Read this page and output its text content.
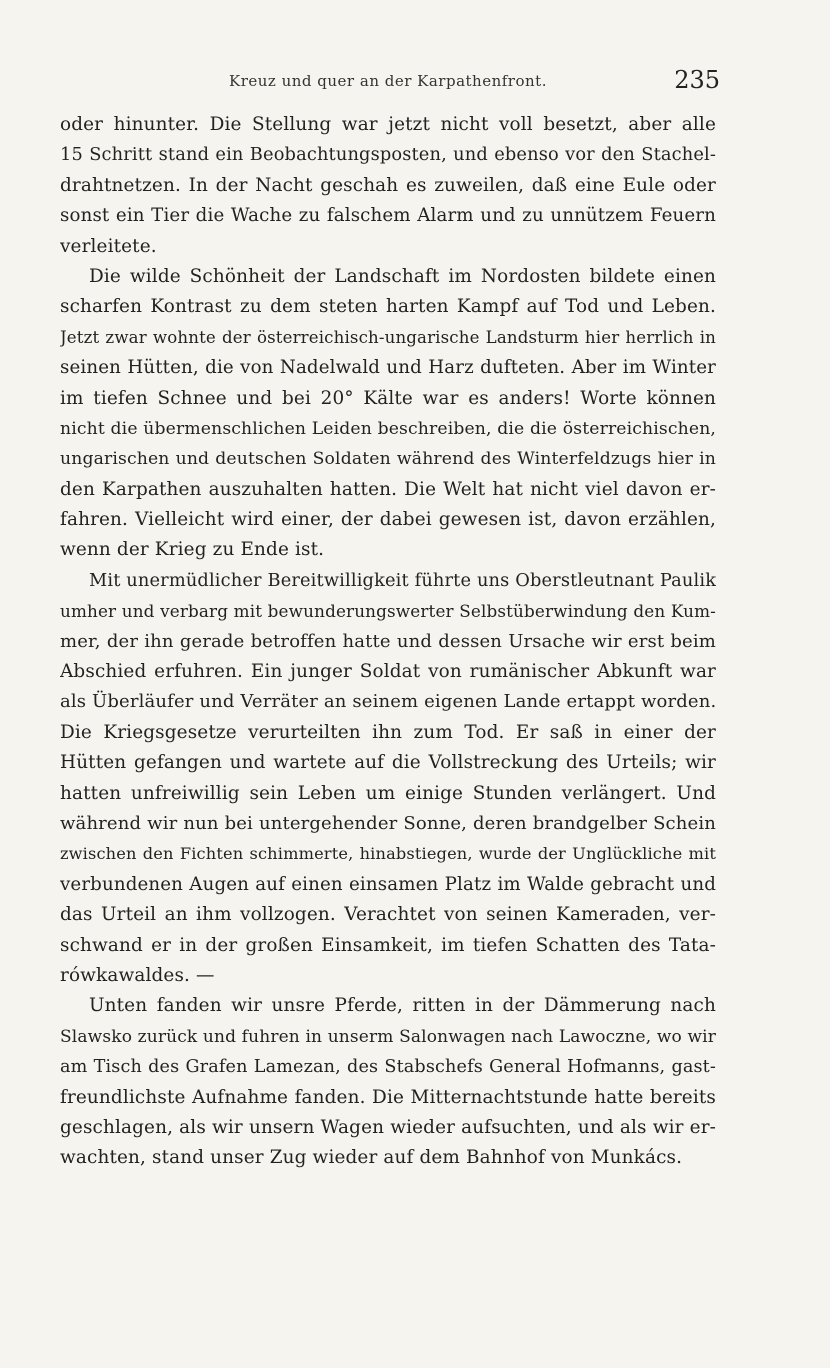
Kreuz und quer an der Karpathenfront.	235
oder hinunter. Die Stellung war jetzt nicht voll besetzt, aber alle
15 Schritt stand ein Beobachtungsposten, und ebenso vor den Stachel-
drahtnetzen. In der Nacht geschah es zuweilen, daß eine Eule oder
sonst ein Tier die Wache zu falschem Alarm und zu unnützem Feuern
verleitete.
Die wilde Schönheit der Landschaft im Nordosten bildete einen
scharfen Kontrast zu dem steten harten Kampf auf Tod und Leben.
Jetzt zwar wohnte der österreichisch-ungarische Landsturm hier herrlich in
seinen Hütten, die von Nadelwald und Harz dufteten. Aber im Winter
im tiefen Schnee und bei 20° Kälte war es anders! Worte können
nicht die übermenschlichen Leiden beschreiben, die die österreichischen,
ungarischen und deutschen Soldaten während des Winterfeldzugs hier in
den Karpathen auszuhalten hatten. Die Welt hat nicht viel davon er-
fahren. Vielleicht wird einer, der dabei gewesen ist, davon erzählen,
wenn der Krieg zu Ende ist.
Mit unermüdlicher Bereitwilligkeit führte uns Oberstleutnant Paulik
umher und verbarg mit bewunderungswerter Selbstüberwindung den Kum-
mer, der ihn gerade betroffen hatte und dessen Ursache wir erst beim
Abschied erfuhren. Ein junger Soldat von rumänischer Abkunft war
als Überläufer und Verräter an seinem eigenen Lande ertappt worden.
Die Kriegsgesetze verurteilten ihn zum Tod. Er saß in einer der
Hütten gefangen und wartete auf die Vollstreckung des Urteils; wir
hatten unfreiwillig sein Leben um einige Stunden verlängert. Und
während wir nun bei untergehender Sonne, deren brandgelber Schein
zwischen den Fichten schimmerte, hinabstiegen, wurde der Unglückliche mit
verbundenen Augen auf einen einsamen Platz im Walde gebracht und
das Urteil an ihm vollzogen. Verachtet von seinen Kameraden, ver-
schwand er in der großen Einsamkeit, im tiefen Schatten des Tata-
rówkawaldes. —
Unten fanden wir unsre Pferde, ritten in der Dämmerung nach
Slawsko zurück und fuhren in unserm Salonwagen nach Lawoczne, wo wir
am Tisch des Grafen Lamezan, des Stabschefs General Hofmanns, gast-
freundlichste Aufnahme fanden. Die Mitternachtstunde hatte bereits
geschlagen, als wir unsern Wagen wieder aufsuchten, und als wir er-
wachten, stand unser Zug wieder auf dem Bahnhof von Munkács.
